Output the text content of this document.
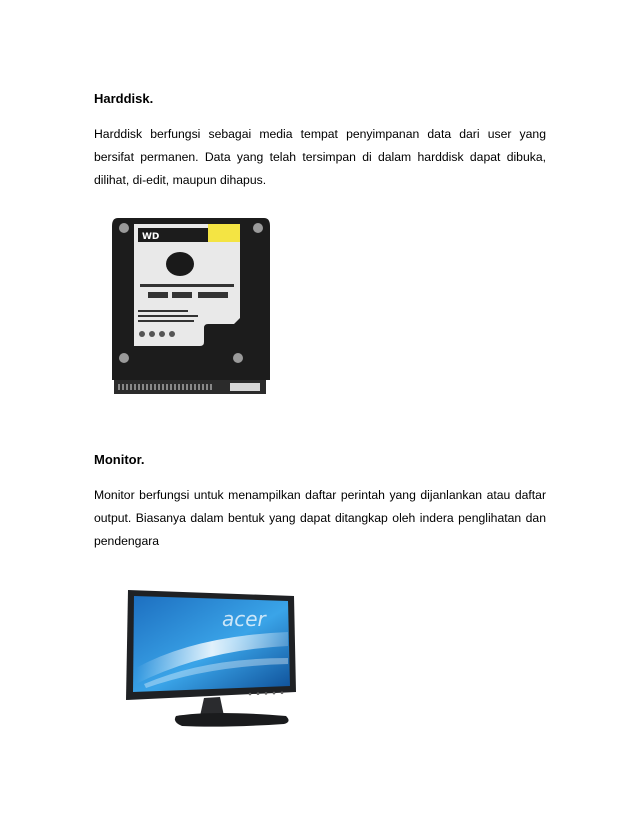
Harddisk.

Harddisk berfungsi sebagai media tempat penyimpanan data dari user yang bersifat permanen. Data yang telah tersimpan di dalam harddisk dapat dibuka, dilihat, di-edit, maupun dihapus.

WD
Monitor.

Monitor berfungsi untuk menampilkan daftar perintah yang dijanlankan atau daftar output. Biasanya dalam bentuk yang dapat ditangkap oleh indera penglihatan dan pendengara

acer
